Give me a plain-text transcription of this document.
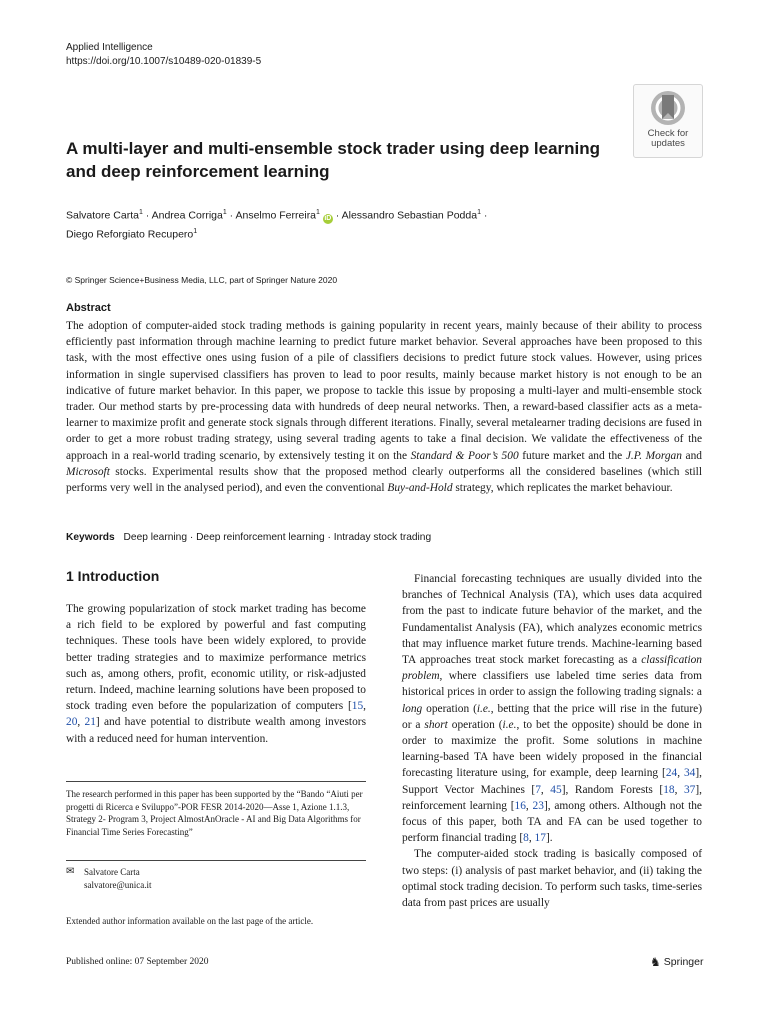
Applied Intelligence
https://doi.org/10.1007/s10489-020-01839-5
Check for
updates
A multi-layer and multi-ensemble stock trader using deep learning and deep reinforcement learning
Salvatore Carta$^1$ · Andrea Corriga$^1$ · Anselmo Ferreira$^1$ iD · Alessandro Sebastian Podda$^1$ ·
Diego Reforgiato Recupero$^1$
© Springer Science+Business Media, LLC, part of Springer Nature 2020
Abstract
The adoption of computer-aided stock trading methods is gaining popularity in recent years, mainly because of their ability to process efficiently past information through machine learning to predict future market behavior. Several approaches have been proposed to this task, with the most effective ones using fusion of a pile of classifiers decisions to predict future stock values. However, using prices information in single supervised classifiers has proven to lead to poor results, mainly because market history is not enough to be an indicative of future market behavior. In this paper, we propose to tackle this issue by proposing a multi-layer and multi-ensemble stock trader. Our method starts by pre-processing data with hundreds of deep neural networks. Then, a reward-based classifier acts as a meta-learner to maximize profit and generate stock signals through different iterations. Finally, several metalearner trading decisions are fused in order to get a more robust trading strategy, using several trading agents to take a final decision. We validate the effectiveness of the approach in a real-world trading scenario, by extensively testing it on the Standard & Poor’s 500 future market and the J.P. Morgan and Microsoft stocks. Experimental results show that the proposed method clearly outperforms all the considered baselines (which still performs very well in the analysed period), and even the conventional Buy-and-Hold strategy, which replicates the market behaviour.
Keywords Deep learning · Deep reinforcement learning · Intraday stock trading
1 Introduction

The growing popularization of stock market trading has become a rich field to be explored by powerful and fast computing techniques. These tools have been widely explored, to provide better trading strategies and to maximize performance metrics such as, among others, profit, economic utility, or risk-adjusted return. Indeed, machine learning solutions have been proposed to stock trading even before the popularization of computers [15, 20, 21] and have potential to distribute wealth among investors with a reduced need for human intervention.

The research performed in this paper has been supported by the “Bando “Aiuti per progetti di Ricerca e Sviluppo”-POR FESR 2014-2020—Asse 1, Azione 1.1.3, Strategy 2- Program 3, Project AlmostAnOracle - AI and Big Data Algorithms for Financial Time Series Forecasting”
✉	Salvatore Carta
salvatore@unica.it
Extended author information available on the last page of the article.

Financial forecasting techniques are usually divided into the branches of Technical Analysis (TA), which uses data acquired from the past to indicate future behavior of the market, and the Fundamentalist Analysis (FA), which analyzes economic metrics that may influence market future trends. Machine-learning based TA approaches treat stock market forecasting as a classification problem, where classifiers use labeled time series data from historical prices in order to assign the following trading signals: a long operation (i.e., betting that the price will rise in the future) or a short operation (i.e., to bet the opposite) should be done in order to maximize the profit. Some solutions in machine learning-based TA have been widely proposed in the financial forecasting literature using, for example, deep learning [24, 34], Support Vector Machines [7, 45], Random Forests [18, 37], reinforcement learning [16, 23], among others. Although not the focus of this paper, both TA and FA can be used together to perform financial trading [8, 17].

The computer-aided stock trading is basically composed of two steps: (i) analysis of past market behavior, and (ii) taking the optimal stock trading decision. To perform such tasks, time-series data from past prices are usually

Published online: 07 September 2020	♞ Springer
